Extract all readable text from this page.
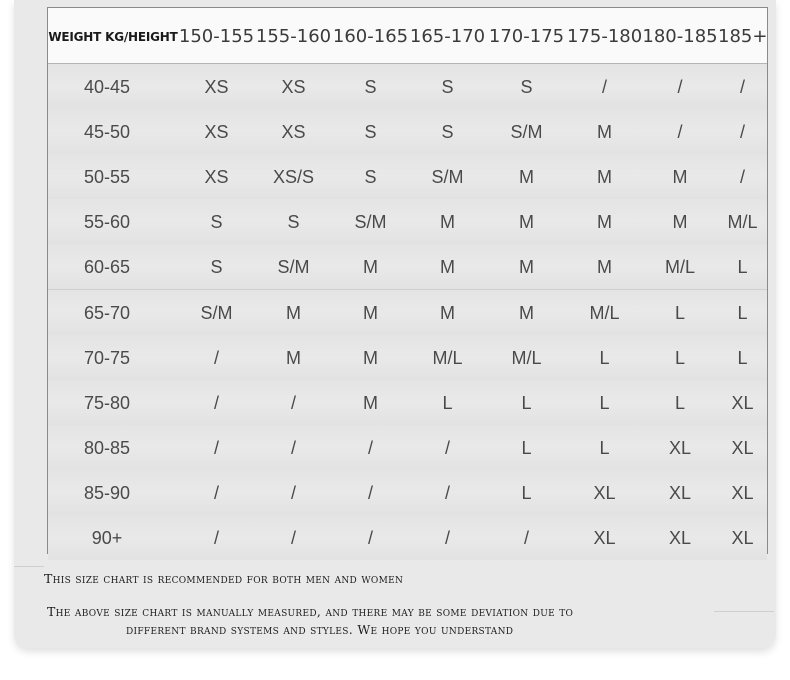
WEIGHT KG/HEIGHT 150-155 155-160 160-165 165-170 170-175 175-180 180-185 185+
40-45	XS	XS	S	S	S	/	/	/
45-50	XS	XS	S	S	S/M	M	/	/
50-55	XS	XS/S	S	S/M	M	M	M	/
55-60	S	S	S/M	M	M	M	M	M/L
60-65	S	S/M	M	M	M	M	M/L	L
65-70	S/M	M	M	M	M	M/L	L	L
70-75	/	M	M	M/L	M/L	L	L	L
75-80	/	/	M	L	L	L	L	XL
80-85	/	/	/	/	L	L	XL	XL
85-90	/	/	/	/	L	XL	XL	XL
90+	/	/	/	/	/	XL	XL	XL
This size chart is recommended for both men and women
The above size chart is manually measured, and there may be some deviation due to
different brand systems and styles. We hope you understand
